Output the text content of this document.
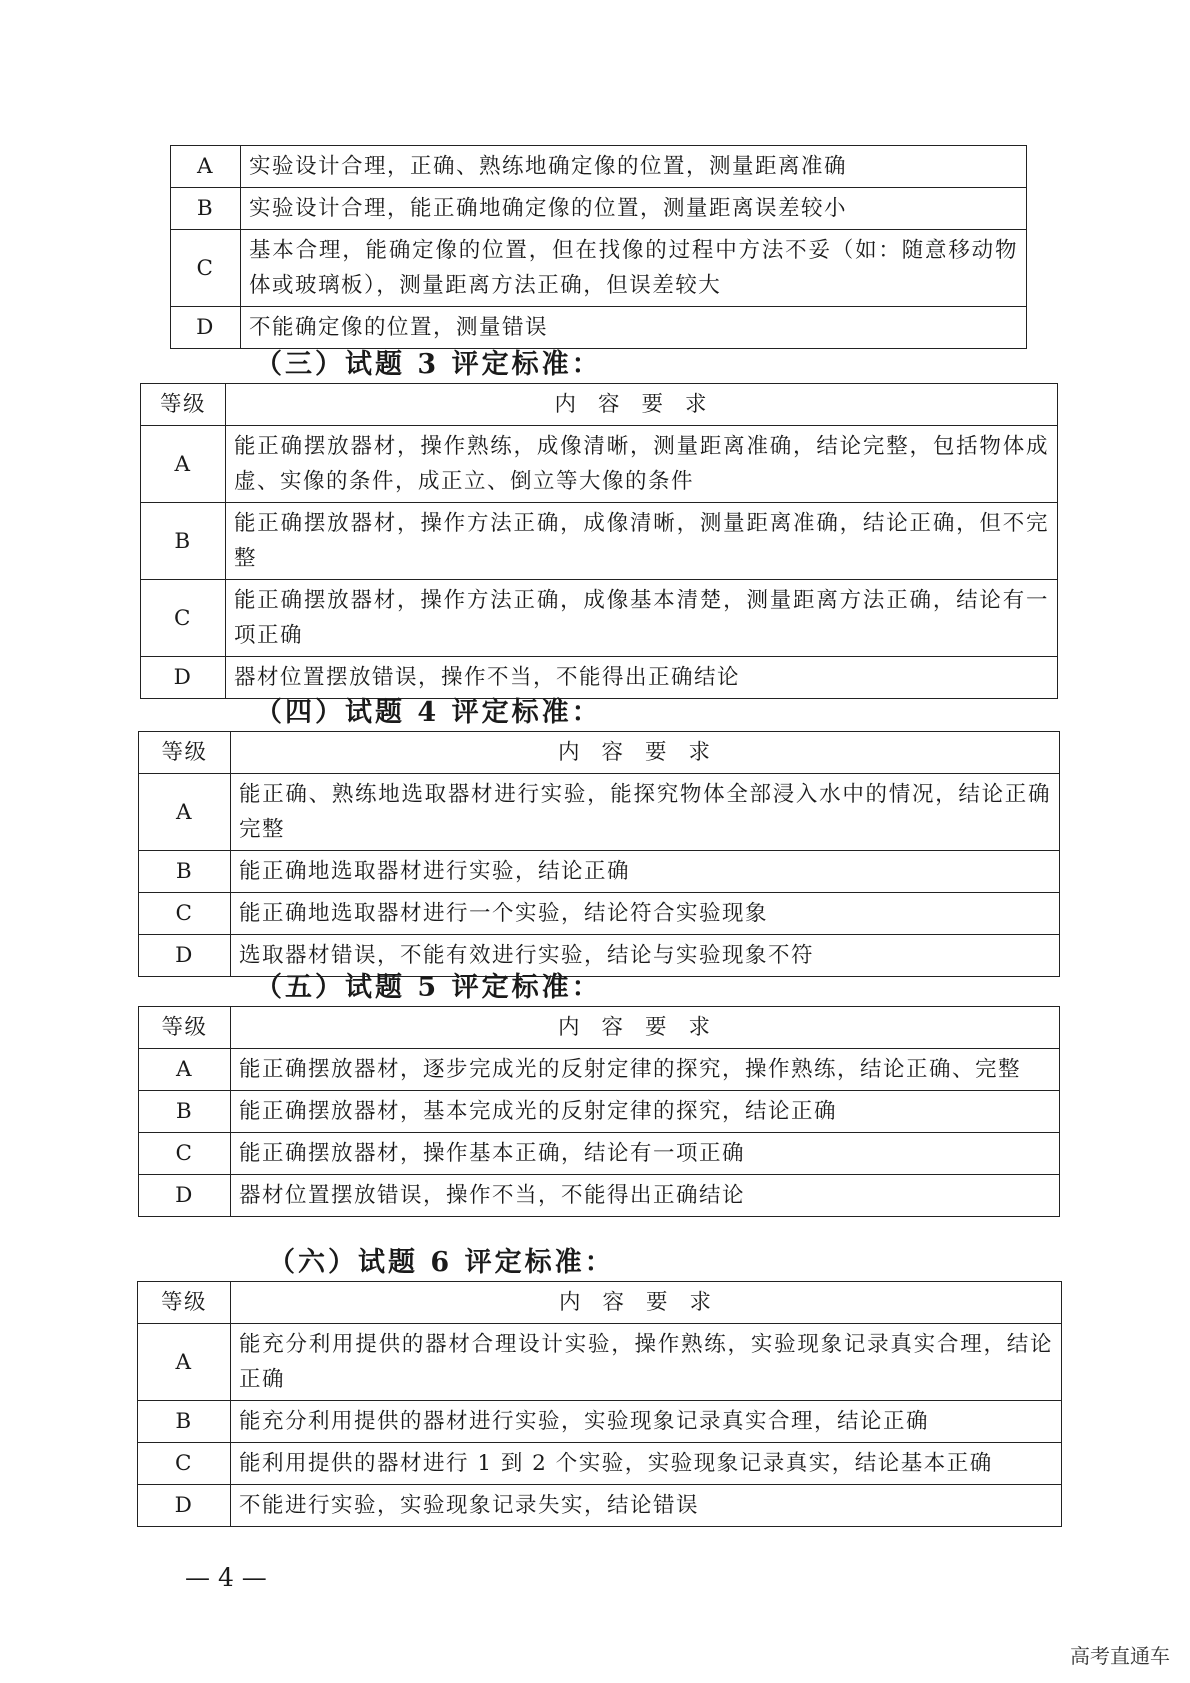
A	实验设计合理，正确、熟练地确定像的位置，测量距离准确
B	实验设计合理，能正确地确定像的位置，测量距离误差较小
C	基本合理，能确定像的位置，但在找像的过程中方法不妥（如：随意移动物体或玻璃板），测量距离方法正确，但误差较大
D	不能确定像的位置，测量错误
（三）试题 3 评定标准：
等级	内容要求
A	能正确摆放器材，操作熟练，成像清晰，测量距离准确，结论完整，包括物体成虚、实像的条件，成正立、倒立等大像的条件
B	能正确摆放器材，操作方法正确，成像清晰，测量距离准确，结论正确，但不完整
C	能正确摆放器材，操作方法正确，成像基本清楚，测量距离方法正确，结论有一项正确
D	器材位置摆放错误，操作不当，不能得出正确结论
（四）试题 4 评定标准：
等级	内容要求
A	能正确、熟练地选取器材进行实验，能探究物体全部浸入水中的情况，结论正确完整
B	能正确地选取器材进行实验，结论正确
C	能正确地选取器材进行一个实验，结论符合实验现象
D	选取器材错误，不能有效进行实验，结论与实验现象不符
（五）试题 5 评定标准：
等级	内容要求
A	能正确摆放器材，逐步完成光的反射定律的探究，操作熟练，结论正确、完整
B	能正确摆放器材，基本完成光的反射定律的探究，结论正确
C	能正确摆放器材，操作基本正确，结论有一项正确
D	器材位置摆放错误，操作不当，不能得出正确结论
（六）试题 6 评定标准：
等级	内容要求
A	能充分利用提供的器材合理设计实验，操作熟练，实验现象记录真实合理，结论正确
B	能充分利用提供的器材进行实验，实验现象记录真实合理，结论正确
C	能利用提供的器材进行 1 到 2 个实验，实验现象记录真实，结论基本正确
D	不能进行实验，实验现象记录失实，结论错误
— 4 —
高考直通车
